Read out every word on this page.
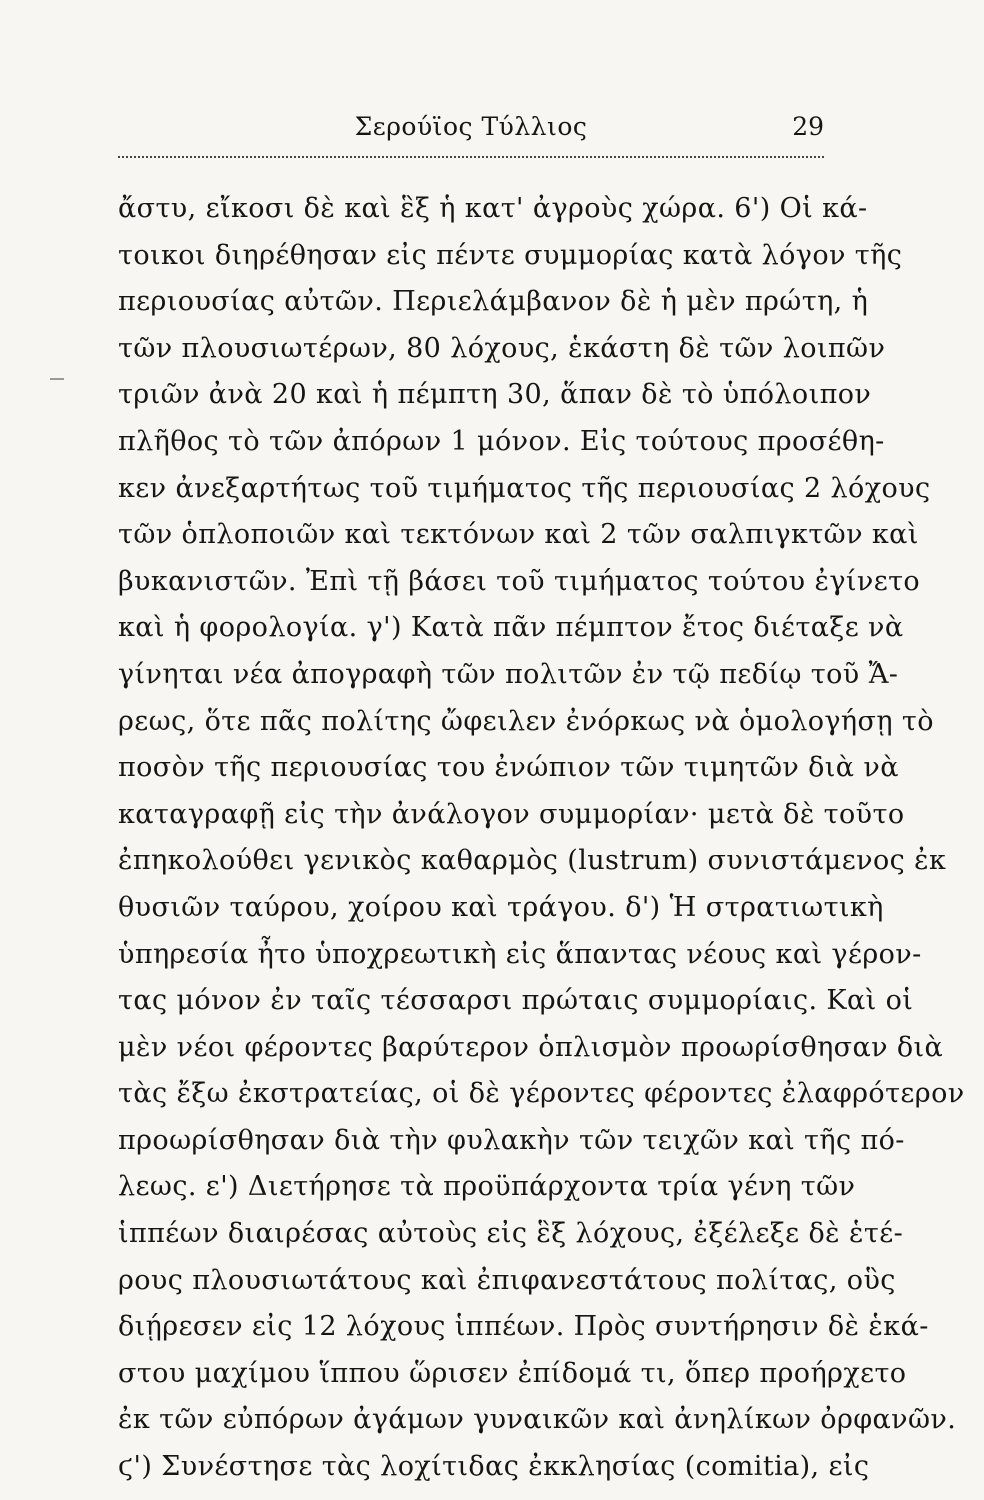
Σερούϊος Τύλλιος	29
ἄστυ, εἴκοσι δὲ καὶ ἓξ ἡ κατ' ἀγροὺς χώρα. 6') Οἱ κά-
τοικοι διηρέθησαν εἰς πέντε συμμορίας κατὰ λόγον τῆς
περιουσίας αὐτῶν. Περιελάμβανον δὲ ἡ μὲν πρώτη, ἡ
τῶν πλουσιωτέρων, 80 λόχους, ἑκάστη δὲ τῶν λοιπῶν
τριῶν ἀνὰ 20 καὶ ἡ πέμπτη 30, ἅπαν δὲ τὸ ὑπόλοιπον
πλῆθος τὸ τῶν ἀπόρων 1 μόνον. Εἰς τούτους προσέθη-
κεν ἀνεξαρτήτως τοῦ τιμήματος τῆς περιουσίας 2 λόχους
τῶν ὁπλοποιῶν καὶ τεκτόνων καὶ 2 τῶν σαλπιγκτῶν καὶ
βυκανιστῶν. Ἐπὶ τῇ βάσει τοῦ τιμήματος τούτου ἐγίνετο
καὶ ἡ φορολογία. γ') Κατὰ πᾶν πέμπτον ἔτος διέταξε νὰ
γίνηται νέα ἀπογραφὴ τῶν πολιτῶν ἐν τῷ πεδίῳ τοῦ Ἄ-
ρεως, ὅτε πᾶς πολίτης ὤφειλεν ἐνόρκως νὰ ὁμολογήσῃ τὸ
ποσὸν τῆς περιουσίας του ἐνώπιον τῶν τιμητῶν διὰ νὰ
καταγραφῇ εἰς τὴν ἀνάλογον συμμορίαν· μετὰ δὲ τοῦτο
ἐπηκολούθει γενικὸς καθαρμὸς (lustrum) συνιστάμενος ἐκ
θυσιῶν ταύρου, χοίρου καὶ τράγου. δ') Ἡ στρατιωτικὴ
ὑπηρεσία ἦτο ὑποχρεωτικὴ εἰς ἅπαντας νέους καὶ γέρον-
τας μόνον ἐν ταῖς τέσσαρσι πρώταις συμμορίαις. Καὶ οἱ
μὲν νέοι φέροντες βαρύτερον ὁπλισμὸν προωρίσθησαν διὰ
τὰς ἔξω ἐκστρατείας, οἱ δὲ γέροντες φέροντες ἐλαφρότερον
προωρίσθησαν διὰ τὴν φυλακὴν τῶν τειχῶν καὶ τῆς πό-
λεως. ε') Διετήρησε τὰ προϋπάρχοντα τρία γένη τῶν
ἱππέων διαιρέσας αὐτοὺς εἰς ἓξ λόχους, ἐξέλεξε δὲ ἑτέ-
ρους πλουσιωτάτους καὶ ἐπιφανεστάτους πολίτας, οὓς
διῄρεσεν εἰς 12 λόχους ἱππέων. Πρὸς συντήρησιν δὲ ἑκά-
στου μαχίμου ἵππου ὥρισεν ἐπίδομά τι, ὅπερ προήρχετο
ἐκ τῶν εὐπόρων ἀγάμων γυναικῶν καὶ ἀνηλίκων ὀρφανῶν.
ϛ') Συνέστησε τὰς λοχίτιδας ἐκκλησίας (comitia), εἰς
